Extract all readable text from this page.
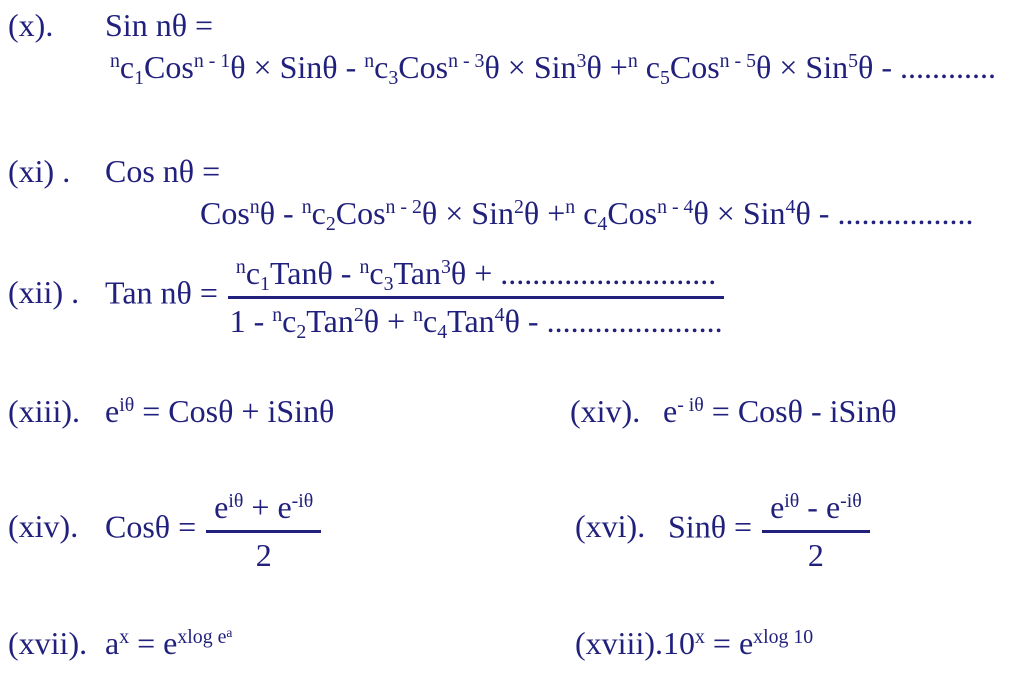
(x).	Sin nθ =
$^n$c1Cos$^{n - 1}$θ × Sinθ - $^n$c3Cos$^{n - 3}$θ × Sin$^3$θ +$^n$ c5Cos$^{n - 5}$θ × Sin$^5$θ - ............
(xi) .	Cos nθ =
Cos$^n$θ - $^n$c2Cos$^{n - 2}$θ × Sin$^2$θ +$^n$ c4Cos$^{n - 4}$θ × Sin$^4$θ - .................
(xii) . Tan $n\theta = \frac{^nc1Tan\theta - ^nc3Tan^3\theta + ...........................}{1 - ^nc2Tan^2\theta + ^nc4Tan^4\theta - ......................}$
(xiii). $e^{i\theta} = Cos\theta$ + iSinθ	(xiv). $e^{- i\theta} = Cos\theta$ - iSinθ
(xiv). $Cos\theta = \frac{e^{i\theta} + e^{-i\theta}}{2}$	(xvi). $Sin\theta = \frac{e^{i\theta} - e^{-i\theta}}{2}$
(xvii). $a^x = e^{xlog e^a}$	(xviii). $10^x = e^{xlog 10}$
